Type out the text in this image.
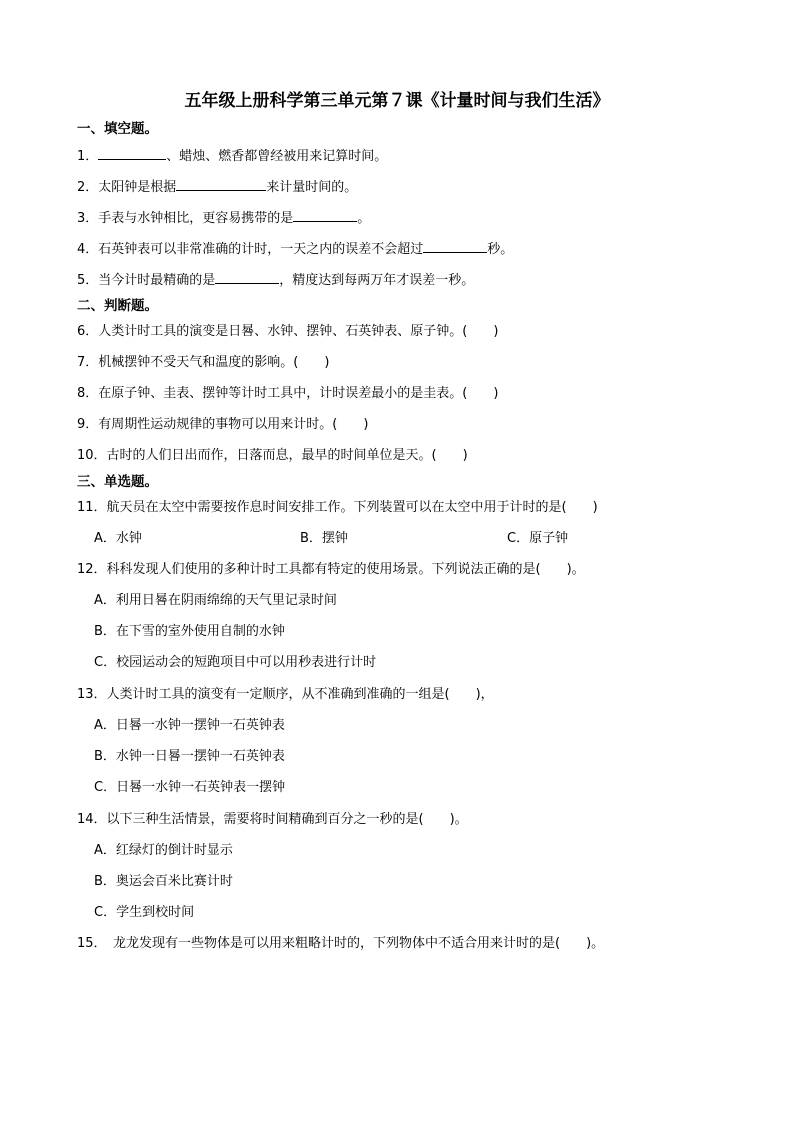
五年级上册科学第三单元第７课《计量时间与我们生活》
一、填空题。
1．	、蜡烛、燃香都曾经被用来记算时间。
2．太阳钟是根据	来计量时间的。
3．手表与水钟相比，更容易携带的是	。
4．石英钟表可以非常准确的计时，一天之内的误差不会超过	秒。
5．当今计时最精确的是	，精度达到每两万年才误差一秒。
二、判断题。
6．人类计时工具的演变是日晷、水钟、摆钟、石英钟表、原子钟。(　　)
7．机械摆钟不受天气和温度的影响。(　　)
8．在原子钟、圭表、摆钟等计时工具中，计时误差最小的是圭表。(　　)
9．有周期性运动规律的事物可以用来计时。(　　)
10．古时的人们日出而作，日落而息，最早的时间单位是天。(　　)
三、单选题。
11．航天员在太空中需要按作息时间安排工作。下列装置可以在太空中用于计时的是(　　)
A．水钟	B．摆钟	C．原子钟
12．科科发现人们使用的多种计时工具都有特定的使用场景。下列说法正确的是(　　)。
A．利用日晷在阴雨绵绵的天气里记录时间
B．在下雪的室外使用自制的水钟
C．校园运动会的短跑项目中可以用秒表进行计时
13．人类计时工具的演变有一定顺序，从不准确到准确的一组是(　　)，
A．日晷一水钟一摆钟一石英钟表
B．水钟一日晷一摆钟一石英钟表
C．日晷一水钟一石英钟表一摆钟
14．以下三种生活情景，需要将时间精确到百分之一秒的是(　　)。
A．红绿灯的倒计时显示
B．奥运会百米比赛计时
C．学生到校时间
15．　龙龙发现有一些物体是可以用来粗略计时的，下列物体中不适合用来计时的是(　　)。
